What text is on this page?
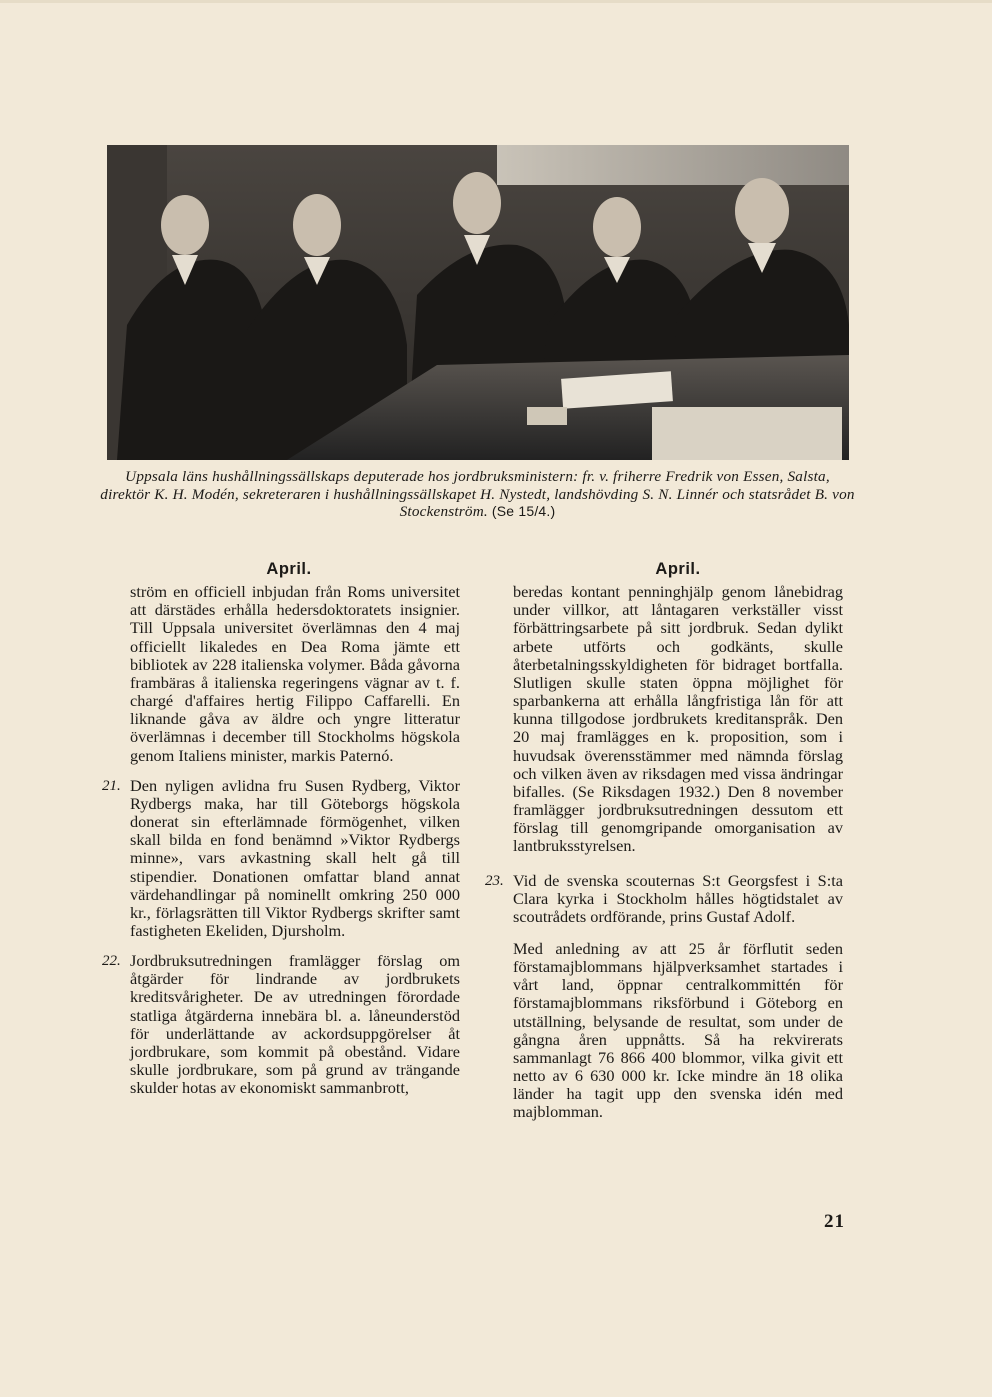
Uppsala läns hushållningssällskaps deputerade hos jordbruksministern: fr. v. friherre Fredrik von Essen, Salsta, direktör K. H. Modén, sekreteraren i hushållningssällskapet H. Nystedt, landshövding S. N. Linnér och statsrådet B. von Stockenström. (Se 15/4.)
April.

ström en officiell inbjudan från Roms universitet att därstädes erhålla hedersdoktoratets insignier. Till Uppsala universitet överlämnas den 4 maj officiellt likaledes en Dea Roma jämte ett bibliotek av 228 italienska volymer. Båda gåvorna frambäras å italienska regeringens vägnar av t. f. chargé d'affaires hertig Filippo Caffarelli. En liknande gåva av äldre och yngre litteratur överlämnas i december till Stockholms högskola genom Italiens minister, markis Paternó.

21. Den nyligen avlidna fru Susen Rydberg, Viktor Rydbergs maka, har till Göteborgs högskola donerat sin efterlämnade förmögenhet, vilken skall bilda en fond benämnd »Viktor Rydbergs minne», vars avkastning skall helt gå till stipendier. Donationen omfattar bland annat värdehandlingar på nominellt omkring 250 000 kr., förlagsrätten till Viktor Rydbergs skrifter samt fastigheten Ekeliden, Djursholm.

22. Jordbruksutredningen framlägger förslag om åtgärder för lindrande av jordbrukets kreditsvårigheter. De av utredningen förordade statliga åtgärderna innebära bl. a. låneunderstöd för underlättande av ackordsuppgörelser åt jordbrukare, som kommit på obestånd. Vidare skulle jordbrukare, som på grund av trängande skulder hotas av ekonomiskt sammanbrott,

April.

beredas kontant penninghjälp genom lånebidrag under villkor, att låntagaren verkställer visst förbättringsarbete på sitt jordbruk. Sedan dylikt arbete utförts och godkänts, skulle återbetalningsskyldigheten för bidraget bortfalla. Slutligen skulle staten öppna möjlighet för sparbankerna att erhålla långfristiga lån för att kunna tillgodose jordbrukets kreditanspråk. Den 20 maj framlägges en k. proposition, som i huvudsak överensstämmer med nämnda förslag och vilken även av riksdagen med vissa ändringar bifalles. (Se Riksdagen 1932.) Den 8 november framlägger jordbruksutredningen dessutom ett förslag till genomgripande omorganisation av lantbruksstyrelsen.

23. Vid de svenska scouternas S:t Georgsfest i S:ta Clara kyrka i Stockholm hålles högtidstalet av scoutrådets ordförande, prins Gustaf Adolf.

Med anledning av att 25 år förflutit seden förstamajblommans hjälpverksamhet startades i vårt land, öppnar centralkommittén för förstamajblommans riksförbund i Göteborg en utställning, belysande de resultat, som under de gångna åren uppnåtts. Så ha rekvirerats sammanlagt 76 866 400 blommor, vilka givit ett netto av 6 630 000 kr. Icke mindre än 18 olika länder ha tagit upp den svenska idén med majblomman.

21
